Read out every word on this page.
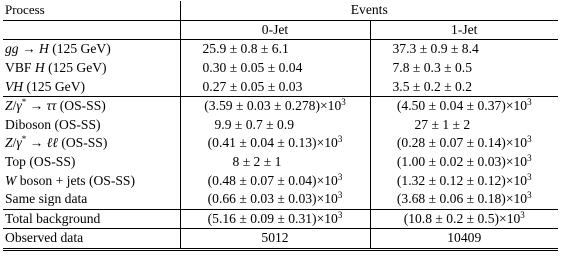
Process	Events	
	0-Jet	1-Jet
gg → H (125 GeV)	25.9 ± 0.8 ± 6.1	37.3 ± 0.9 ± 8.4
VBF H (125 GeV)	0.30 ± 0.05 ± 0.04	7.8 ± 0.3 ± 0.5
VH (125 GeV)	0.27 ± 0.05 ± 0.03	3.5 ± 0.2 ± 0.2
Z/γ* → ττ (OS-SS)	$(3.59 \pm 0.03 \pm 0.278)\times 10^3$	$(4.50 \pm 0.04 \pm 0.37)\times 10^3$
Diboson (OS-SS)	9.9 ± 0.7 ± 0.9	27 ± 1 ± 2
Z/γ* → ℓℓ (OS-SS)	$(0.41 \pm 0.04 \pm 0.13)\times 10^3$	$(0.28 \pm 0.07 \pm 0.14)\times 10^3$
Top (OS-SS)	8 ± 2 ± 1	$(1.00 \pm 0.02 \pm 0.03)\times 10^3$
W boson + jets (OS-SS)	$(0.48 \pm 0.07 \pm 0.04)\times 10^3$	$(1.32 \pm 0.12 \pm 0.12)\times 10^3$
Same sign data	$(0.66 \pm 0.03 \pm 0.03)\times 10^3$	$(3.68 \pm 0.06 \pm 0.18)\times 10^3$
Total background	$(5.16 \pm 0.09 \pm 0.31)\times 10^3$	$(10.8 \pm 0.2 \pm 0.5)\times 10^3$
Observed data	5012	10409
